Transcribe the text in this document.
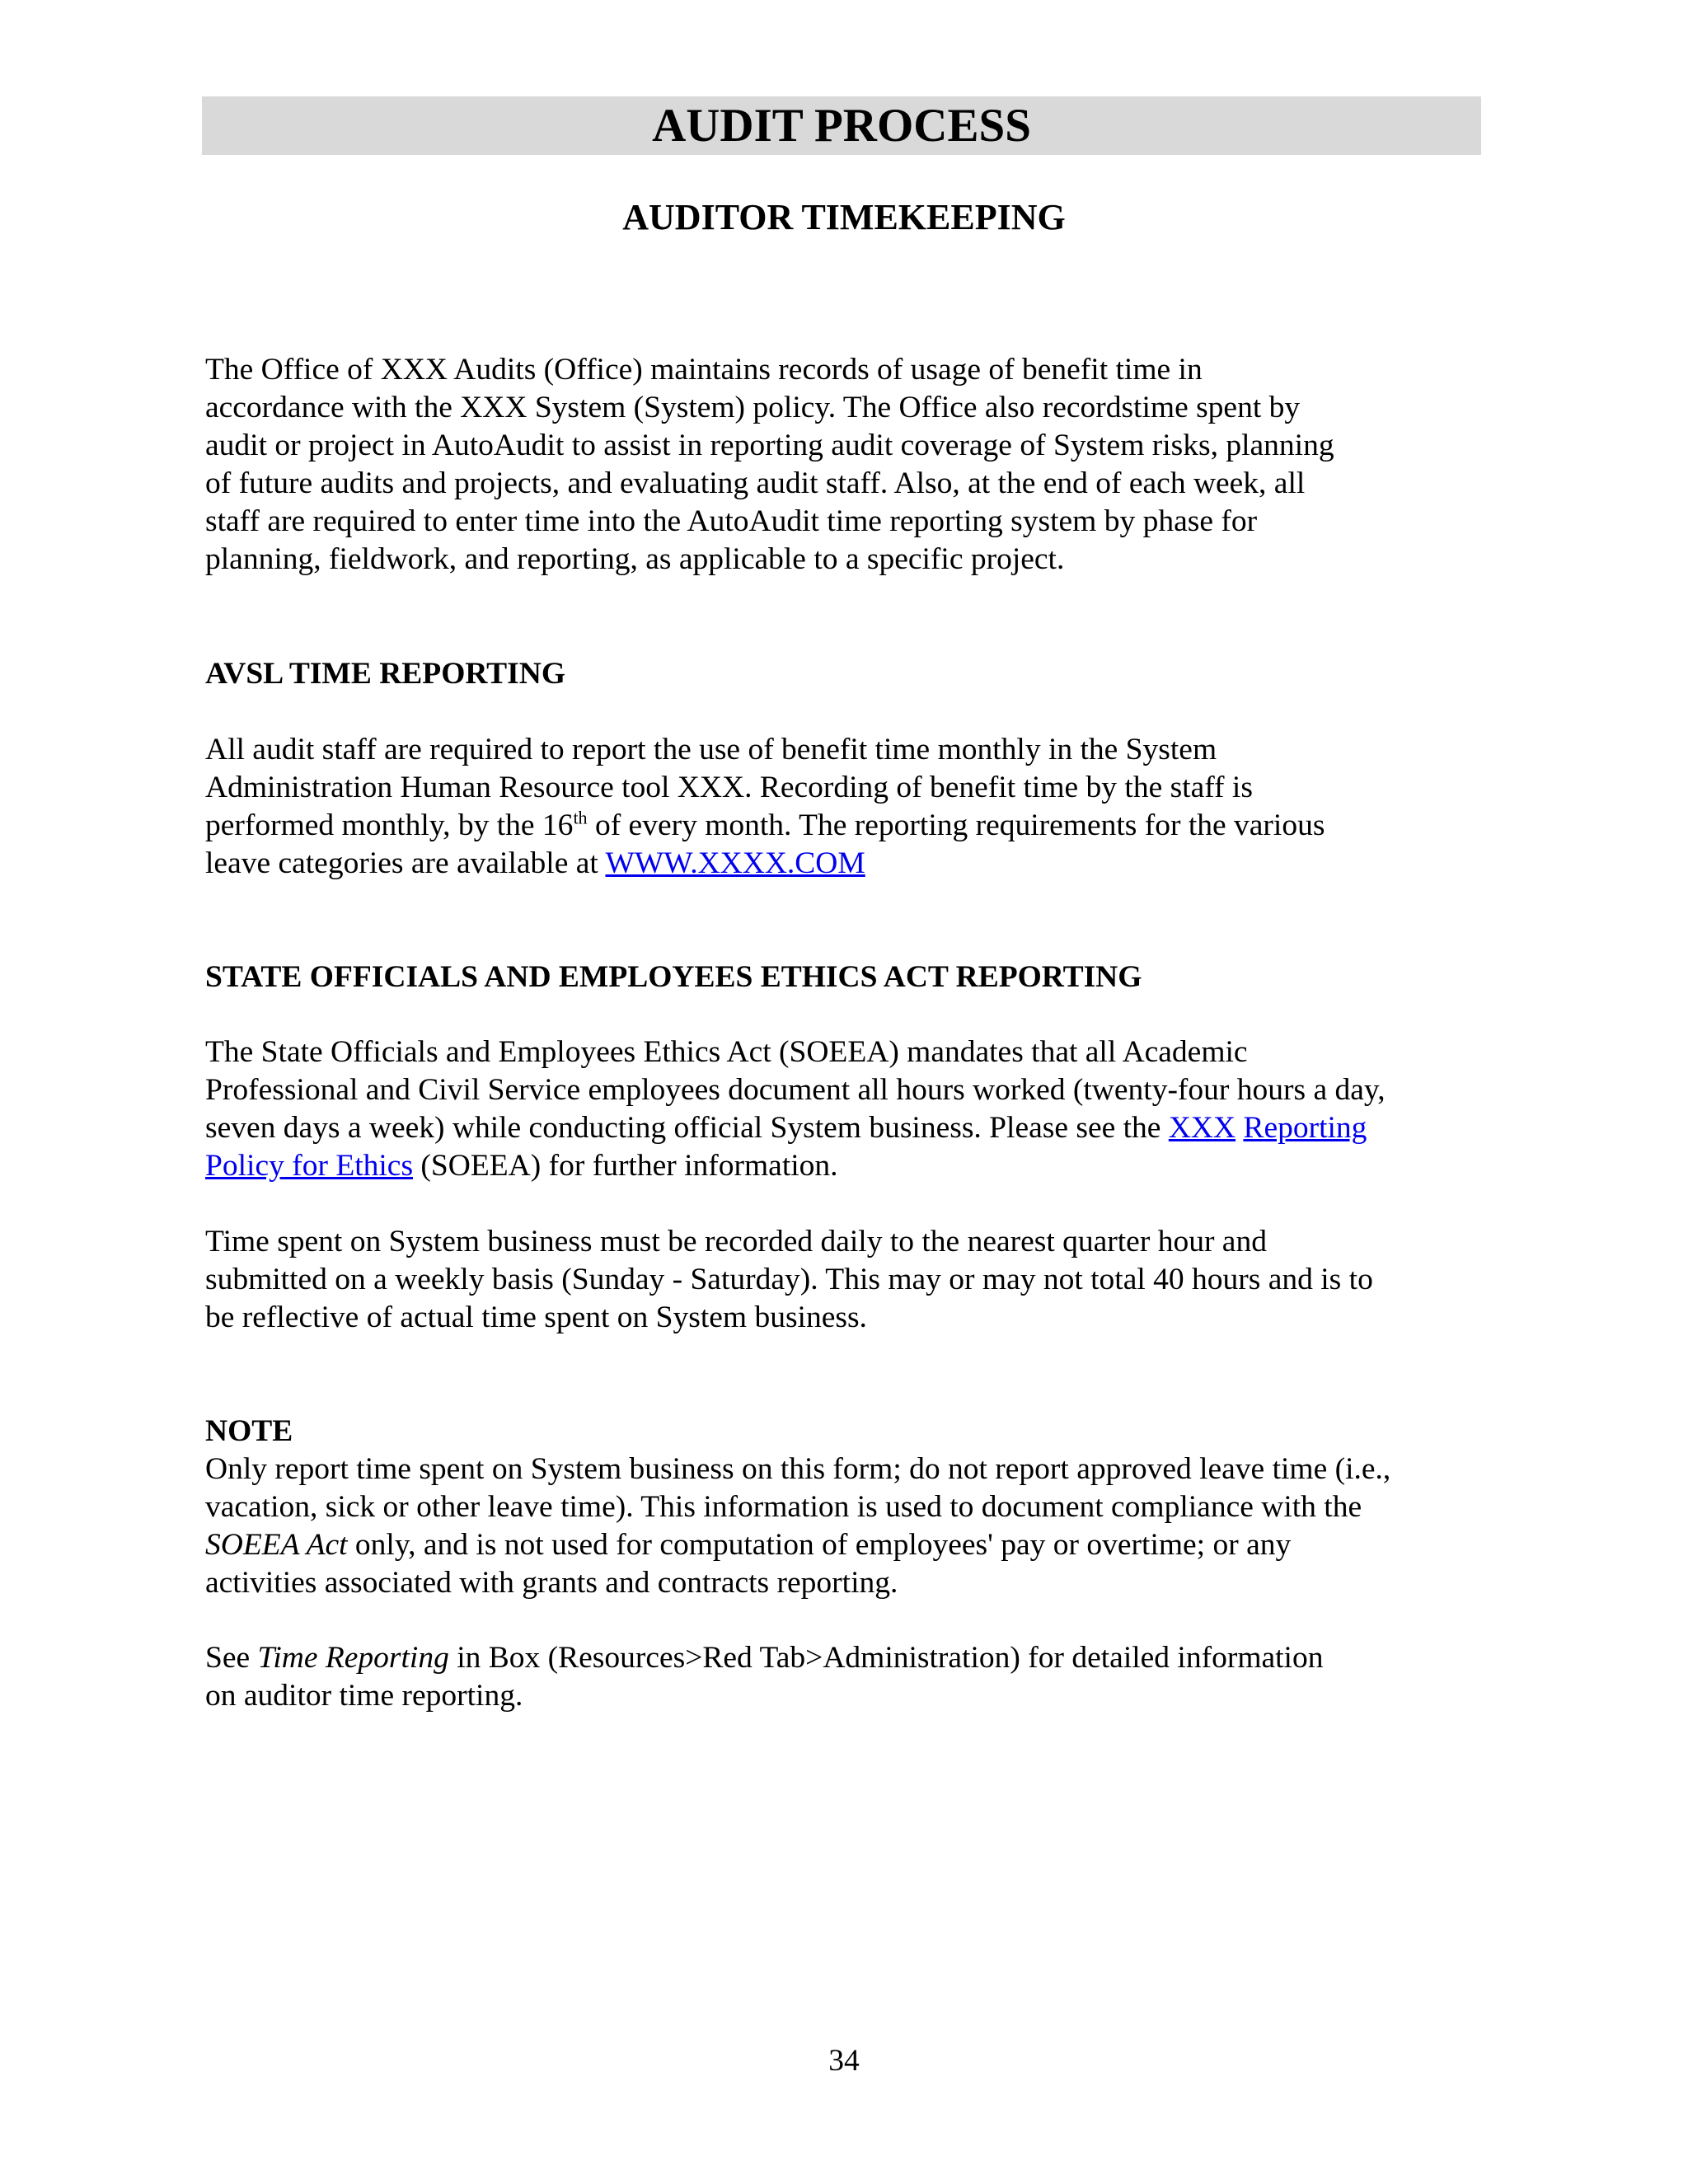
AUDIT PROCESS
AUDITOR TIMEKEEPING
The Office of XXX Audits (Office) maintains records of usage of benefit time in
accordance with the XXX System (System) policy. The Office also recordstime spent by
audit or project in AutoAudit to assist in reporting audit coverage of System risks, planning
of future audits and projects, and evaluating audit staff. Also, at the end of each week, all
staff are required to enter time into the AutoAudit time reporting system by phase for
planning, fieldwork, and reporting, as applicable to a specific project.
AVSL TIME REPORTING
All audit staff are required to report the use of benefit time monthly in the System
Administration Human Resource tool XXX. Recording of benefit time by the staff is
performed monthly, by the 16th of every month. The reporting requirements for the various
leave categories are available at WWW.XXXX.COM
STATE OFFICIALS AND EMPLOYEES ETHICS ACT REPORTING
The State Officials and Employees Ethics Act (SOEEA) mandates that all Academic
Professional and Civil Service employees document all hours worked (twenty-four hours a day,
seven days a week) while conducting official System business. Please see the XXX Reporting
Policy for Ethics (SOEEA) for further information.
Time spent on System business must be recorded daily to the nearest quarter hour and
submitted on a weekly basis (Sunday - Saturday). This may or may not total 40 hours and is to
be reflective of actual time spent on System business.
NOTE
Only report time spent on System business on this form; do not report approved leave time (i.e.,
vacation, sick or other leave time). This information is used to document compliance with the
SOEEA Act only, and is not used for computation of employees' pay or overtime; or any
activities associated with grants and contracts reporting.
See Time Reporting in Box (Resources>Red Tab>Administration) for detailed information
on auditor time reporting.
34
